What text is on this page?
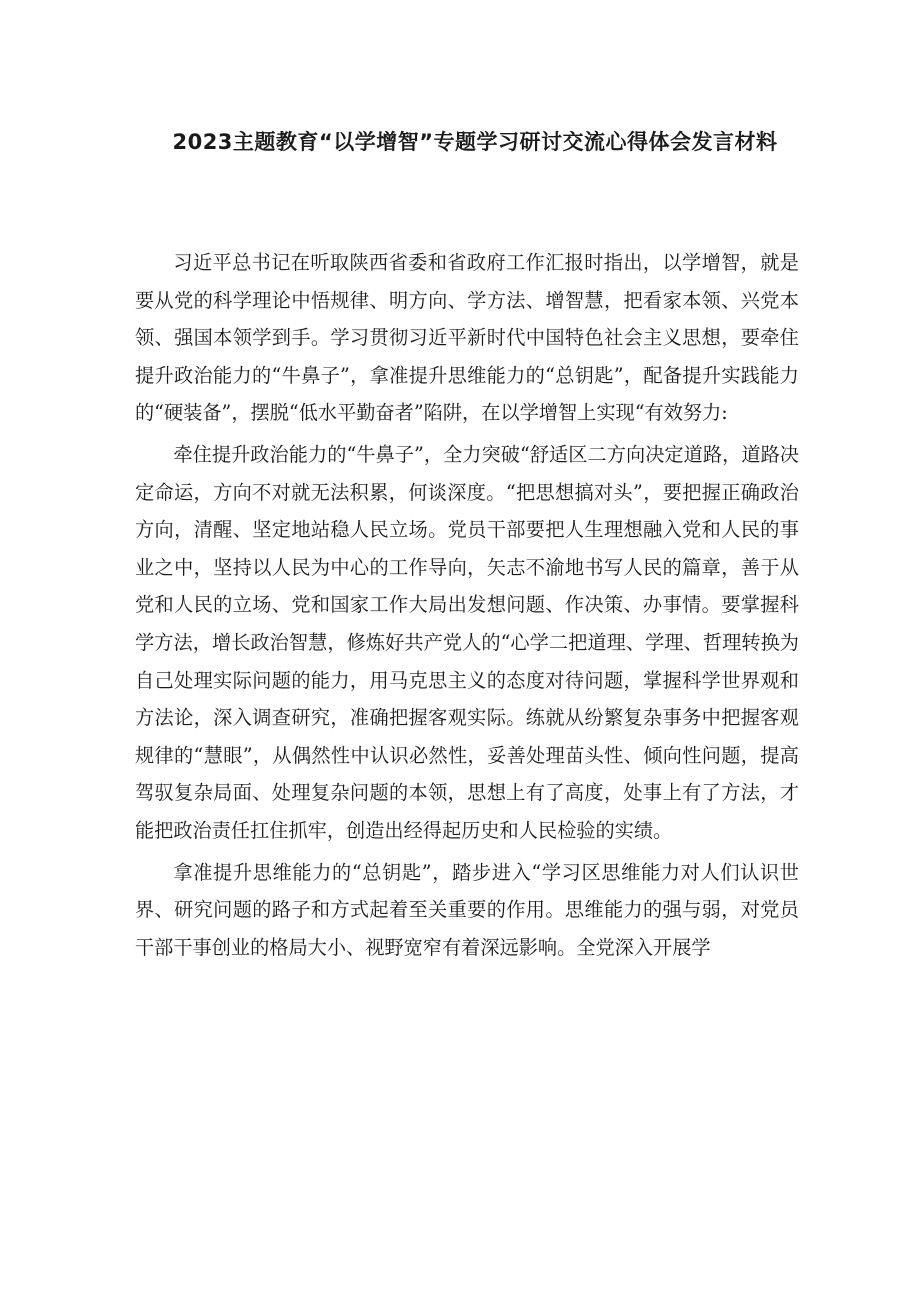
2023主题教育“以学增智”专题学习研讨交流心得体会发言材料

习近平总书记在听取陕西省委和省政府工作汇报时指出，以学增智，就是要从党的科学理论中悟规律、明方向、学方法、增智慧，把看家本领、兴党本领、强国本领学到手。学习贯彻习近平新时代中国特色社会主义思想，要牵住提升政治能力的“牛鼻子”，拿准提升思维能力的“总钥匙”，配备提升实践能力的“硬装备”，摆脱“低水平勤奋者”陷阱，在以学增智上实现“有效努力:

牵住提升政治能力的“牛鼻子”，全力突破“舒适区二方向决定道路，道路决定命运，方向不对就无法积累，何谈深度。“把思想搞对头”，要把握正确政治方向，清醒、坚定地站稳人民立场。党员干部要把人生理想融入党和人民的事业之中，坚持以人民为中心的工作导向，矢志不渝地书写人民的篇章，善于从党和人民的立场、党和国家工作大局出发想问题、作决策、办事情。要掌握科学方法，增长政治智慧，修炼好共产党人的“心学二把道理、学理、哲理转换为自己处理实际问题的能力，用马克思主义的态度对待问题，掌握科学世界观和方法论，深入调查研究，准确把握客观实际。练就从纷繁复杂事务中把握客观规律的“慧眼”，从偶然性中认识必然性，妥善处理苗头性、倾向性问题，提高驾驭复杂局面、处理复杂问题的本领，思想上有了高度，处事上有了方法，才能把政治责任扛住抓牢，创造出经得起历史和人民检验的实绩。

拿准提升思维能力的“总钥匙”，踏步进入“学习区思维能力对人们认识世界、研究问题的路子和方式起着至关重要的作用。思维能力的强与弱，对党员干部干事创业的格局大小、视野宽窄有着深远影响。全党深入开展学
